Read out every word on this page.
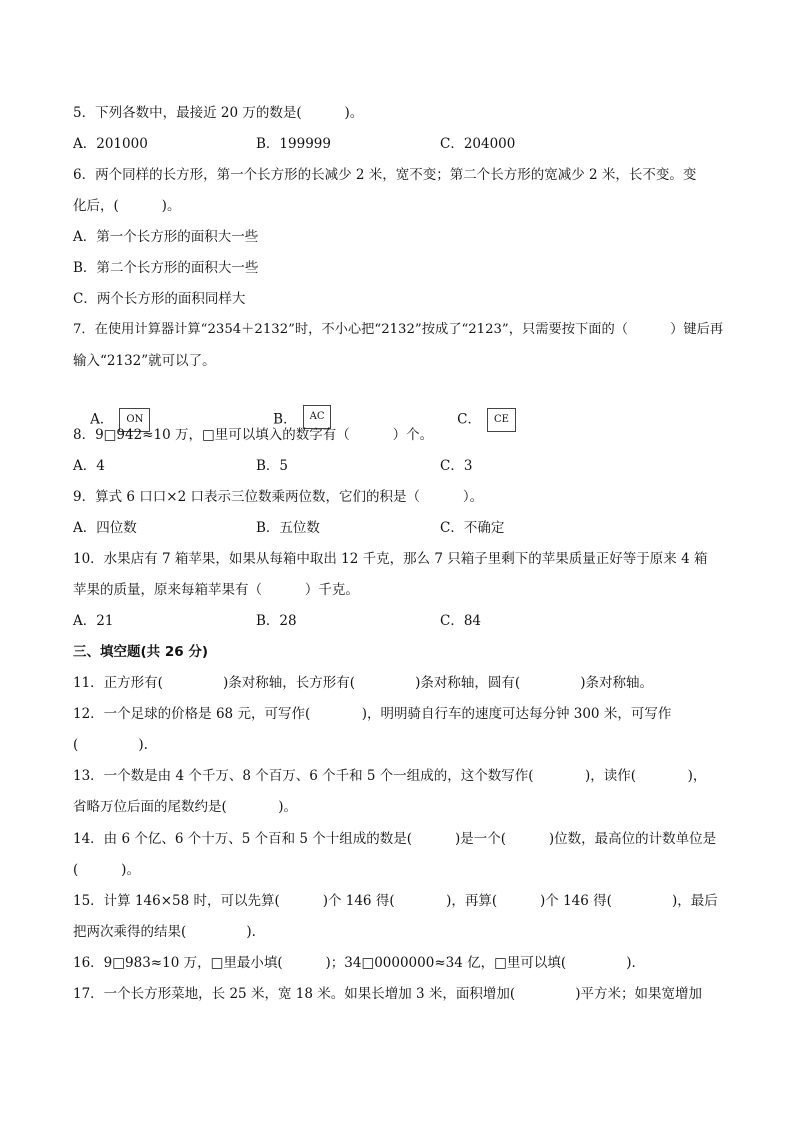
5．下列各数中，最接近 20 万的数是(          )。
A．201000	B．199999	C．204000
6．两个同样的长方形，第一个长方形的长减少 2 米，宽不变；第二个长方形的宽减少 2 米，长不变。变
化后，(          )。
A．第一个长方形的面积大一些
B．第二个长方形的面积大一些
C．两个长方形的面积同样大
7．在使用计算器计算“2354＋2132”时，不小心把“2132”按成了“2123”，只需要按下面的（          ）键后再
输入“2132”就可以了。

A． ON
	B． AC
	C． CE

8．9□942≈10 万，□里可以填入的数字有（          ）个。
A．4	B．5	C．3
9．算式 6 口口×2 口表示三位数乘两位数，它们的积是（          ）。
A．四位数	B．五位数	C．不确定
10．水果店有 7 箱苹果，如果从每箱中取出 12 千克，那么 7 只箱子里剩下的苹果质量正好等于原来 4 箱
苹果的质量，原来每箱苹果有（          ）千克。
A．21	B．28	C．84
三、填空题(共 26 分)
11．正方形有(              )条对称轴，长方形有(              )条对称轴，圆有(              )条对称轴。
12．一个足球的价格是 68 元，可写作(            )，明明骑自行车的速度可达每分钟 300 米，可写作
(              ).
13．一个数是由 4 个千万、8 个百万、6 个千和 5 个一组成的，这个数写作(            )，读作(            )，
省略万位后面的尾数约是(            )。
14．由 6 个亿、6 个十万、5 个百和 5 个十组成的数是(          )是一个(          )位数，最高位的计数单位是
(          )。
15．计算 146×58 时，可以先算(          )个 146 得(            )，再算(          )个 146 得(              )，最后
把两次乘得的结果(              ).
16．9□983≈10 万，□里最小填(          )；34□0000000≈34 亿，□里可以填(              ).
17．一个长方形菜地，长 25 米，宽 18 米。如果长增加 3 米，面积增加(              )平方米；如果宽增加
